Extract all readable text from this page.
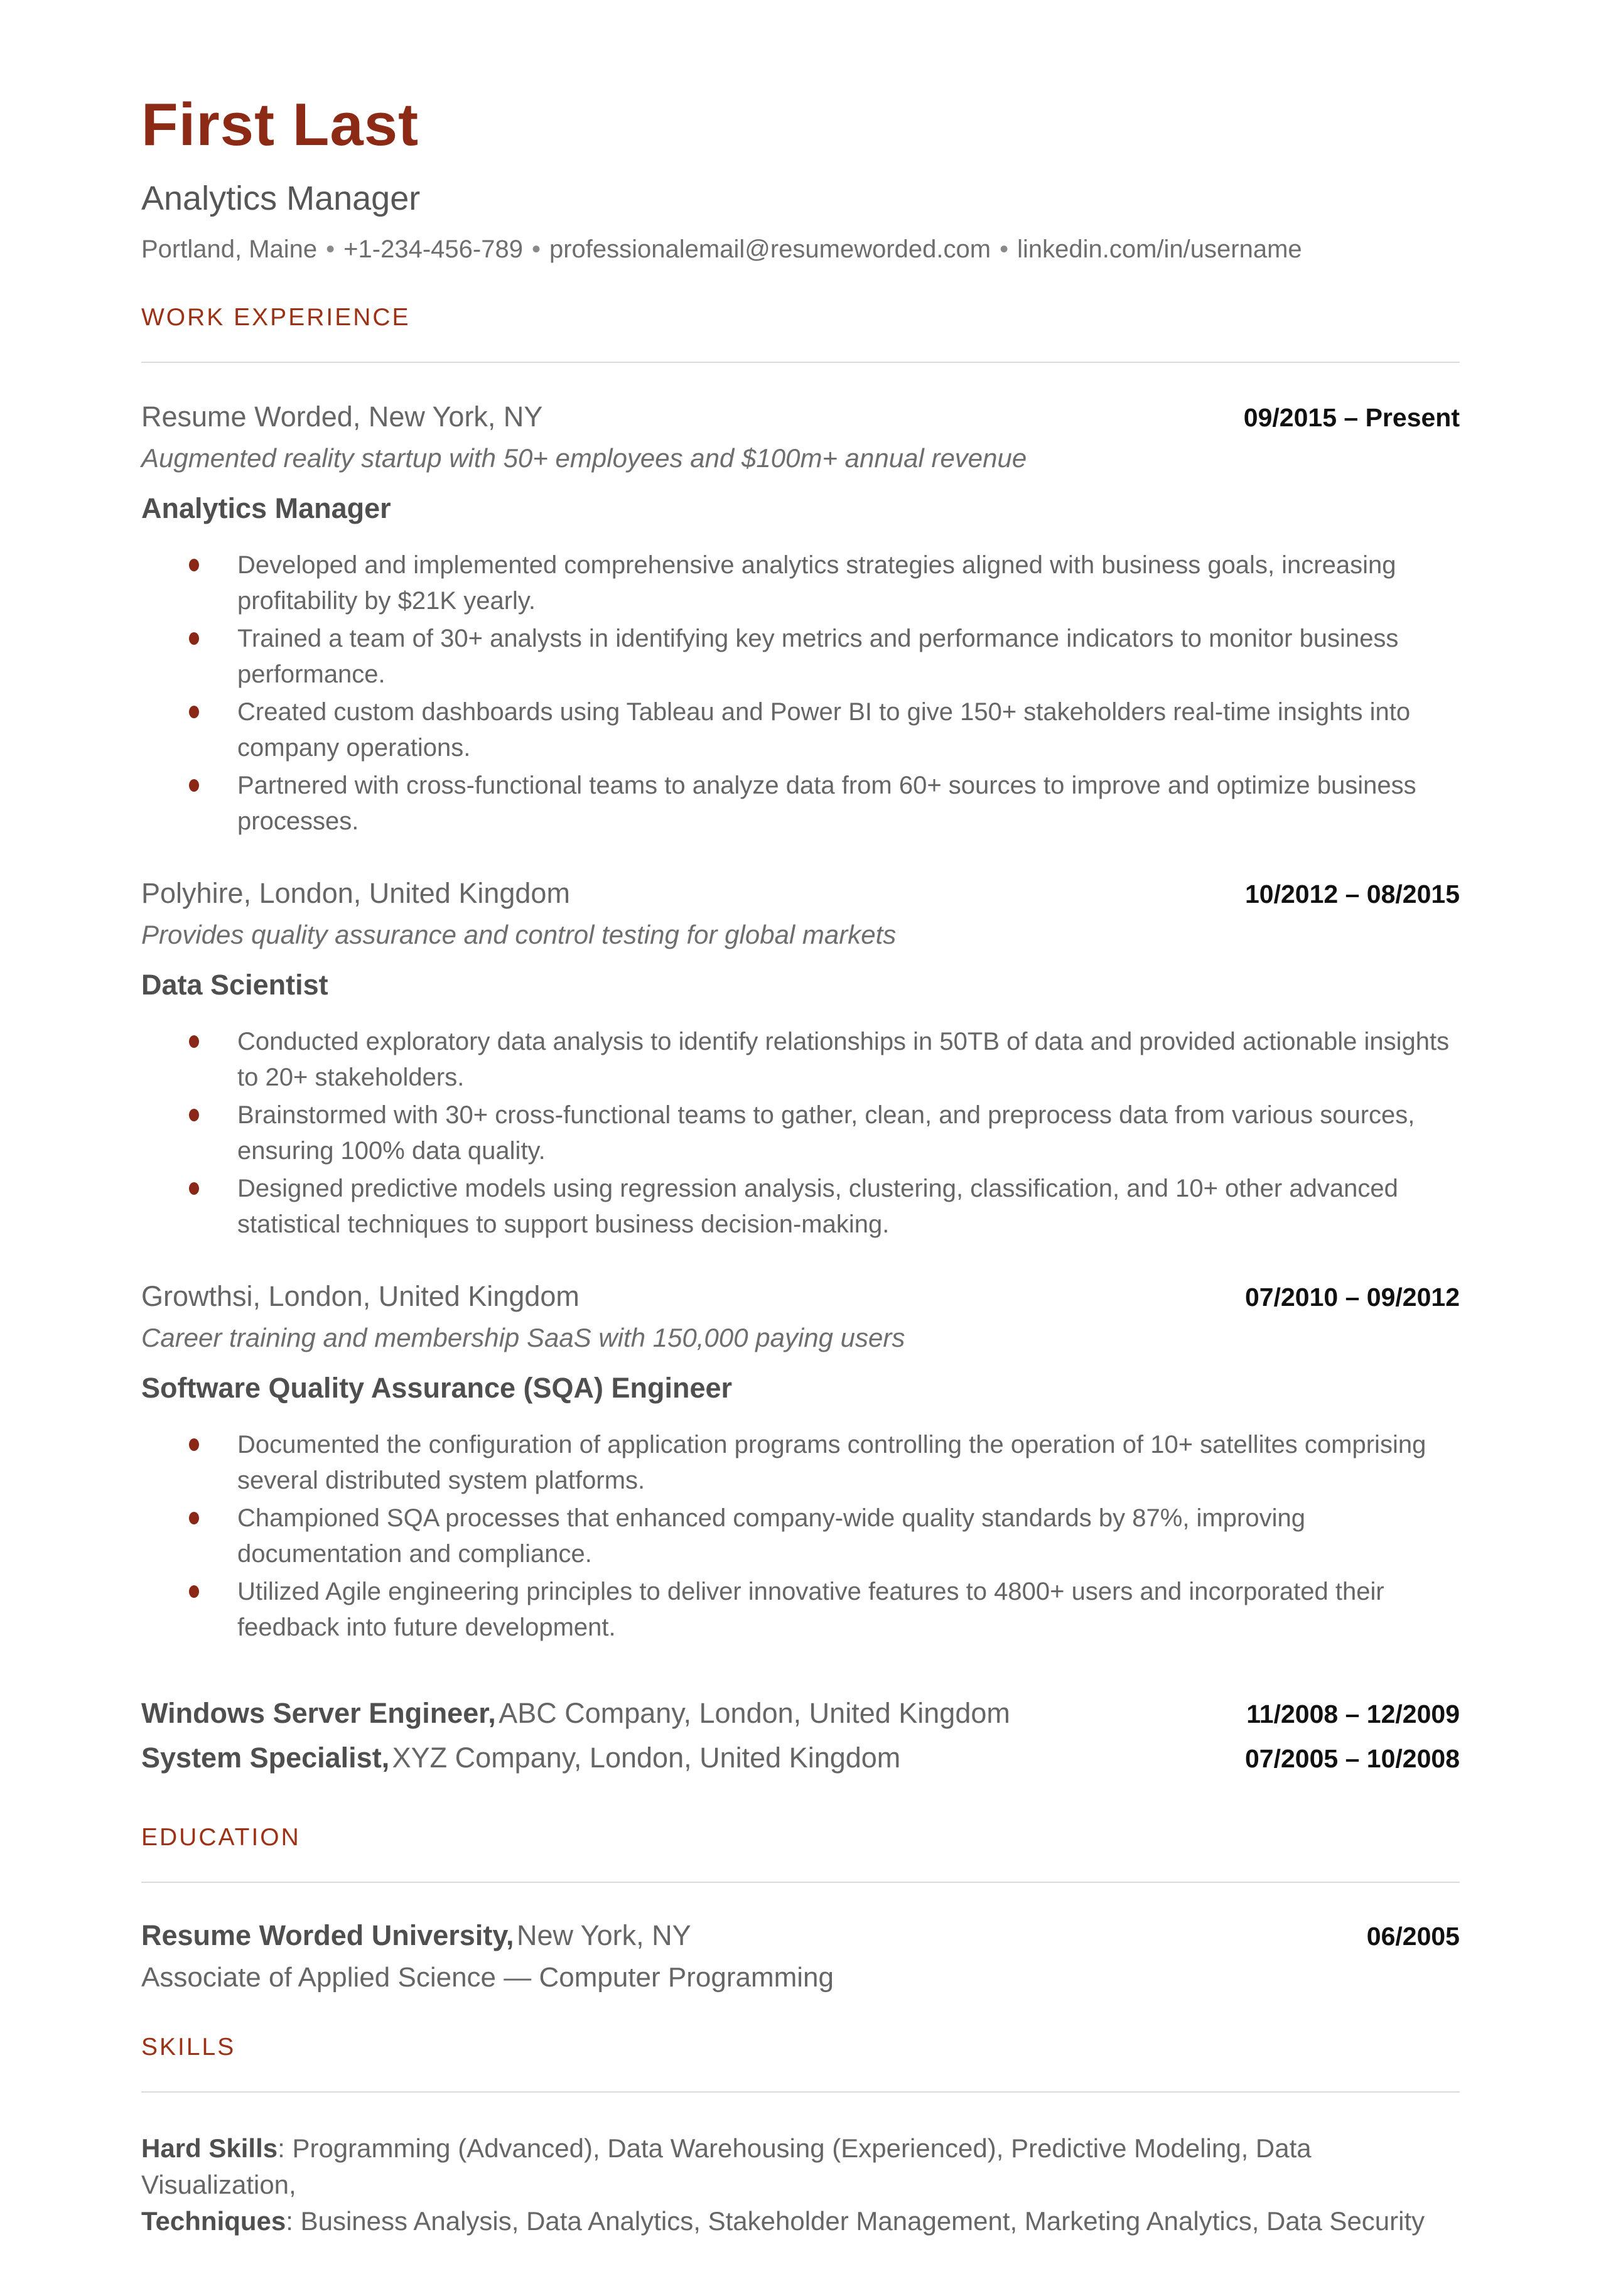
First Last
Analytics Manager
Portland, Maine • +1-234-456-789 • professionalemail@resumeworded.com • linkedin.com/in/username
WORK EXPERIENCE
Resume Worded, New York, NY	09/2015 – Present
Augmented reality startup with 50+ employees and $100m+ annual revenue
Analytics Manager
Developed and implemented comprehensive analytics strategies aligned with business goals, increasing profitability by $21K yearly.
Trained a team of 30+ analysts in identifying key metrics and performance indicators to monitor business performance.
Created custom dashboards using Tableau and Power BI to give 150+ stakeholders real-time insights into company operations.
Partnered with cross-functional teams to analyze data from 60+ sources to improve and optimize business processes.
Polyhire, London, United Kingdom	10/2012 – 08/2015
Provides quality assurance and control testing for global markets
Data Scientist
Conducted exploratory data analysis to identify relationships in 50TB of data and provided actionable insights to 20+ stakeholders.
Brainstormed with 30+ cross-functional teams to gather, clean, and preprocess data from various sources, ensuring 100% data quality.
Designed predictive models using regression analysis, clustering, classification, and 10+ other advanced statistical techniques to support business decision-making.
Growthsi, London, United Kingdom	07/2010 – 09/2012
Career training and membership SaaS with 150,000 paying users
Software Quality Assurance (SQA) Engineer
Documented the configuration of application programs controlling the operation of 10+ satellites comprising several distributed system platforms.
Championed SQA processes that enhanced company-wide quality standards by 87%, improving documentation and compliance.
Utilized Agile engineering principles to deliver innovative features to 4800+ users and incorporated their feedback into future development.
Windows Server Engineer, ABC Company, London, United Kingdom	11/2008 – 12/2009
System Specialist, XYZ Company, London, United Kingdom	07/2005 – 10/2008
EDUCATION
Resume Worded University, New York, NY	06/2005
Associate of Applied Science — Computer Programming
SKILLS
Hard Skills: Programming (Advanced), Data Warehousing (Experienced), Predictive Modeling, Data Visualization,
Techniques: Business Analysis, Data Analytics, Stakeholder Management, Marketing Analytics, Data Security
